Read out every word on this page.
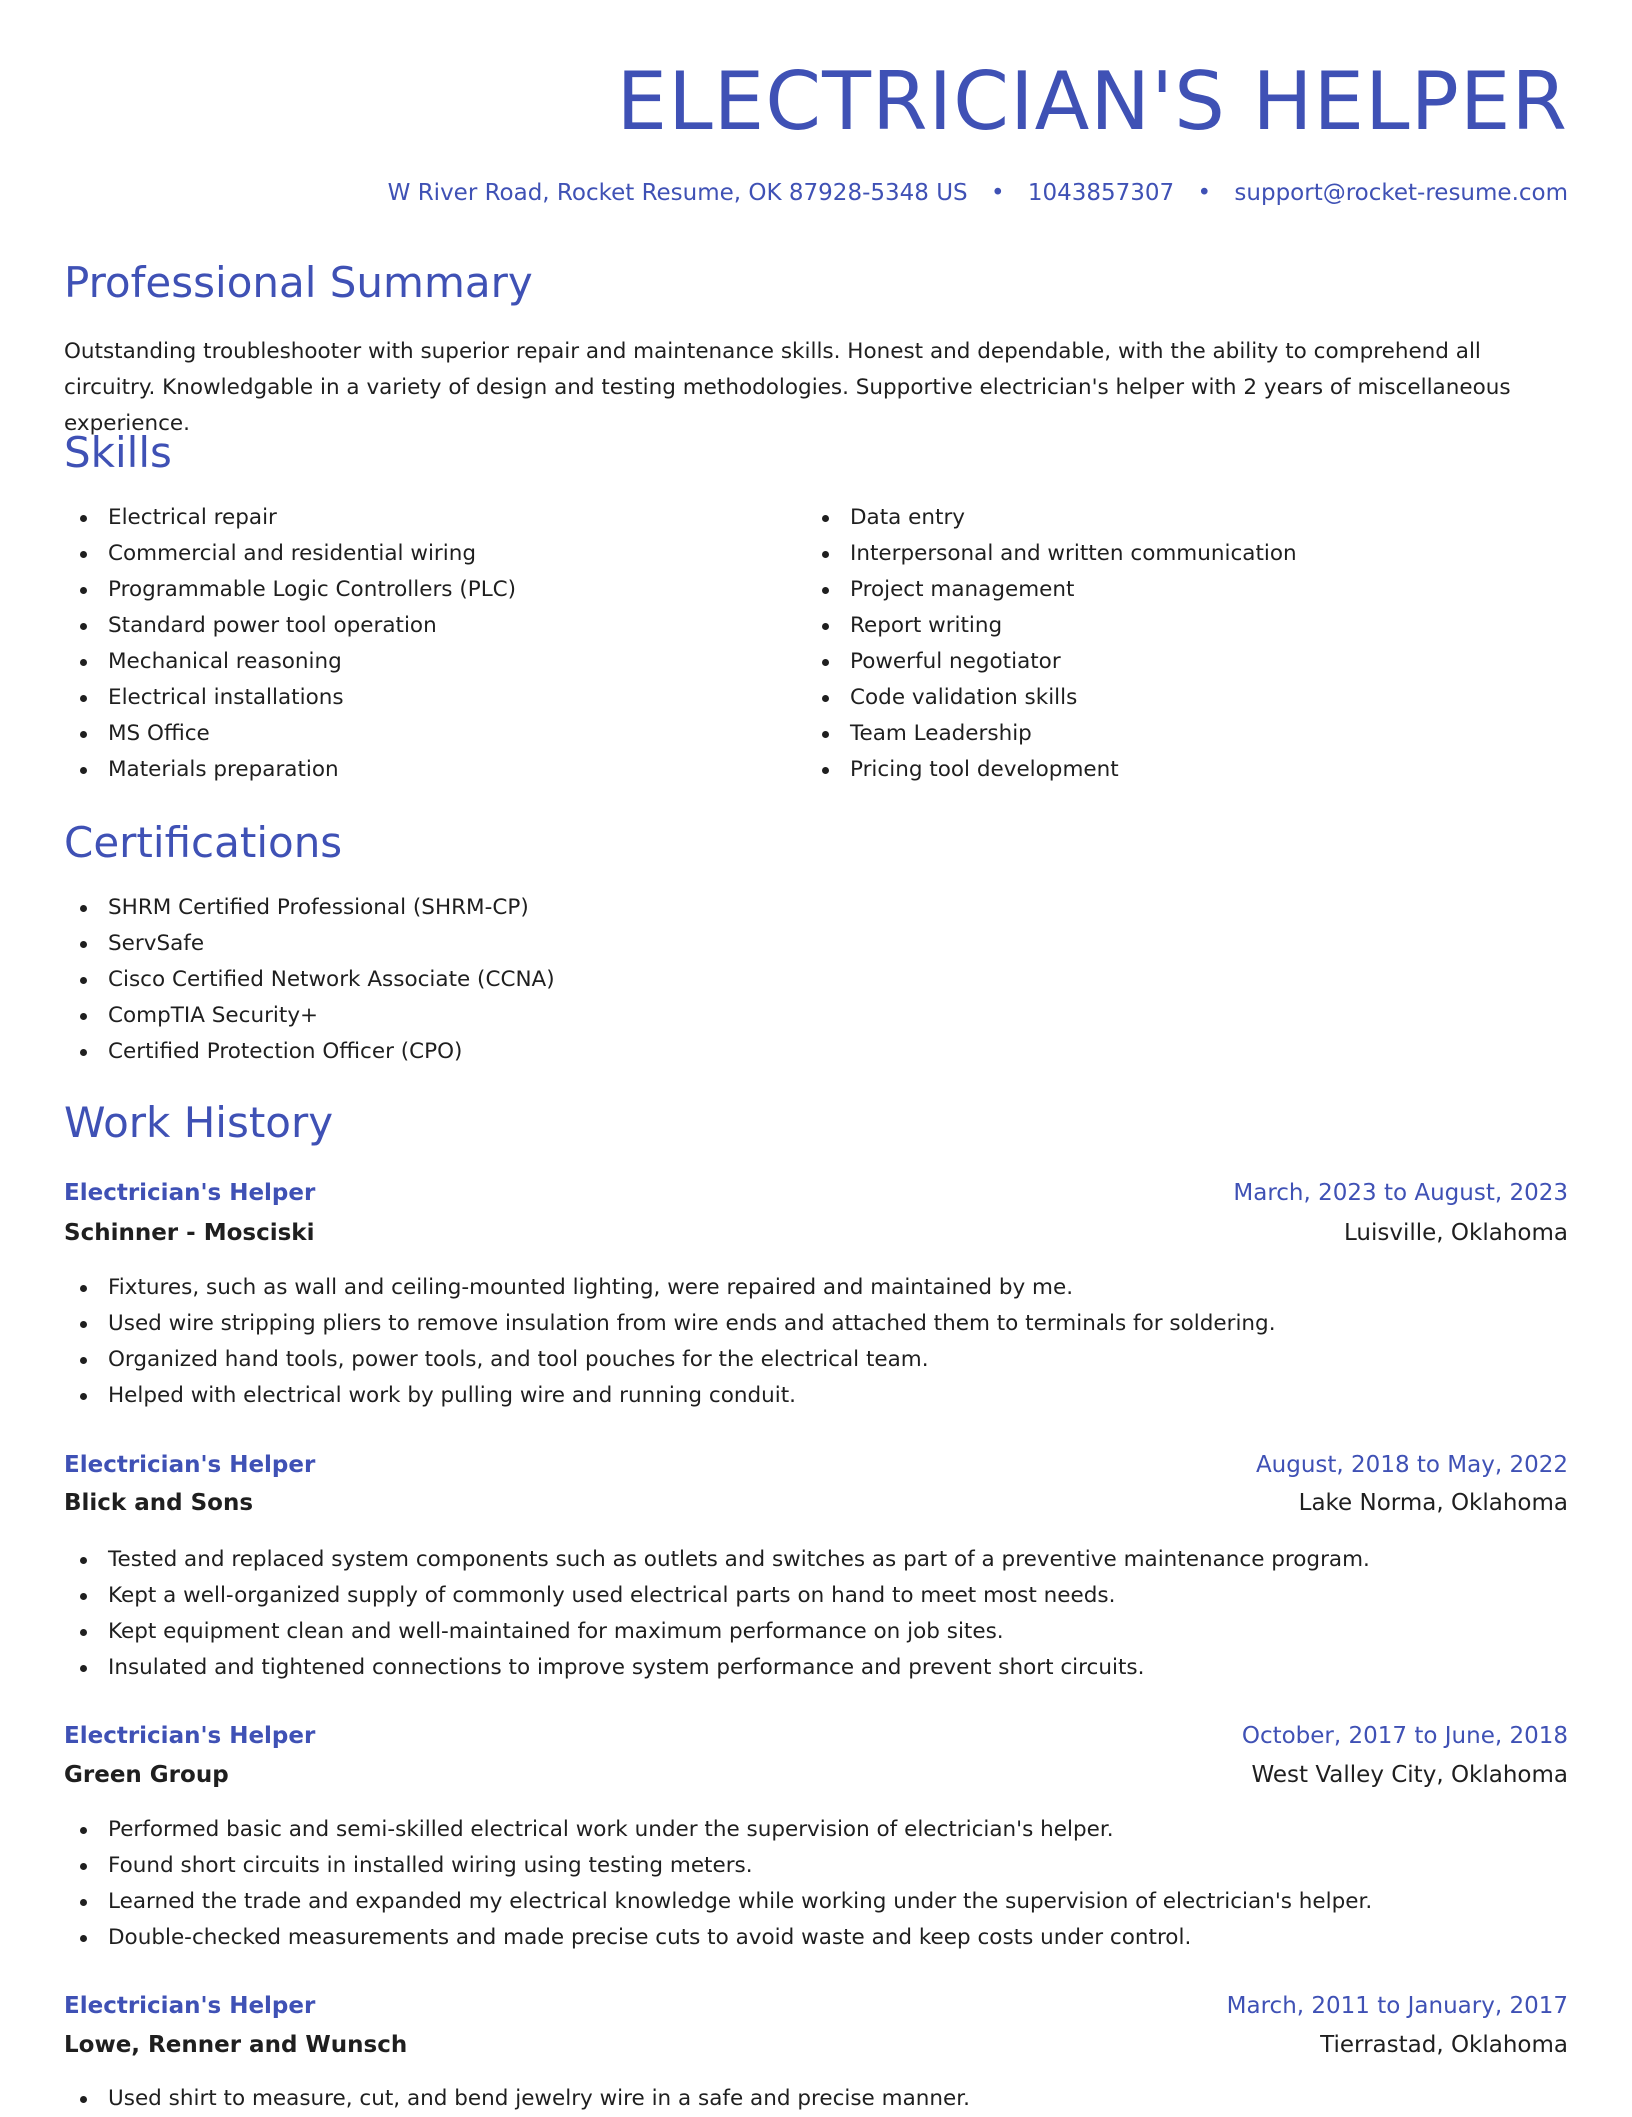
ELECTRICIAN'S HELPER
W River Road, Rocket Resume, OK 87928-5348 US • 1043857307 • support@rocket-resume.com
Professional Summary

Outstanding troubleshooter with superior repair and maintenance skills. Honest and dependable, with the ability to comprehend all circuitry. Knowledgable in a variety of design and testing methodologies. Supportive electrician's helper with 2 years of miscellaneous experience.

Skills
Electrical repair
Commercial and residential wiring
Programmable Logic Controllers (PLC)
Standard power tool operation
Mechanical reasoning
Electrical installations
MS Office
Materials preparation
Data entry
Interpersonal and written communication
Project management
Report writing
Powerful negotiator
Code validation skills
Team Leadership
Pricing tool development
Certifications
SHRM Certified Professional (SHRM-CP)
ServSafe
Cisco Certified Network Associate (CCNA)
CompTIA Security+
Certified Protection Officer (CPO)
Work History
Electrician's Helper	March, 2023 to August, 2023
Schinner - Mosciski	Luisville, Oklahoma
Fixtures, such as wall and ceiling-mounted lighting, were repaired and maintained by me.
Used wire stripping pliers to remove insulation from wire ends and attached them to terminals for soldering.
Organized hand tools, power tools, and tool pouches for the electrical team.
Helped with electrical work by pulling wire and running conduit.
Electrician's Helper	August, 2018 to May, 2022
Blick and Sons	Lake Norma, Oklahoma
Tested and replaced system components such as outlets and switches as part of a preventive maintenance program.
Kept a well-organized supply of commonly used electrical parts on hand to meet most needs.
Kept equipment clean and well-maintained for maximum performance on job sites.
Insulated and tightened connections to improve system performance and prevent short circuits.
Electrician's Helper	October, 2017 to June, 2018
Green Group	West Valley City, Oklahoma
Performed basic and semi-skilled electrical work under the supervision of electrician's helper.
Found short circuits in installed wiring using testing meters.
Learned the trade and expanded my electrical knowledge while working under the supervision of electrician's helper.
Double-checked measurements and made precise cuts to avoid waste and keep costs under control.
Electrician's Helper	March, 2011 to January, 2017
Lowe, Renner and Wunsch	Tierrastad, Oklahoma
Used shirt to measure, cut, and bend jewelry wire in a safe and precise manner.
